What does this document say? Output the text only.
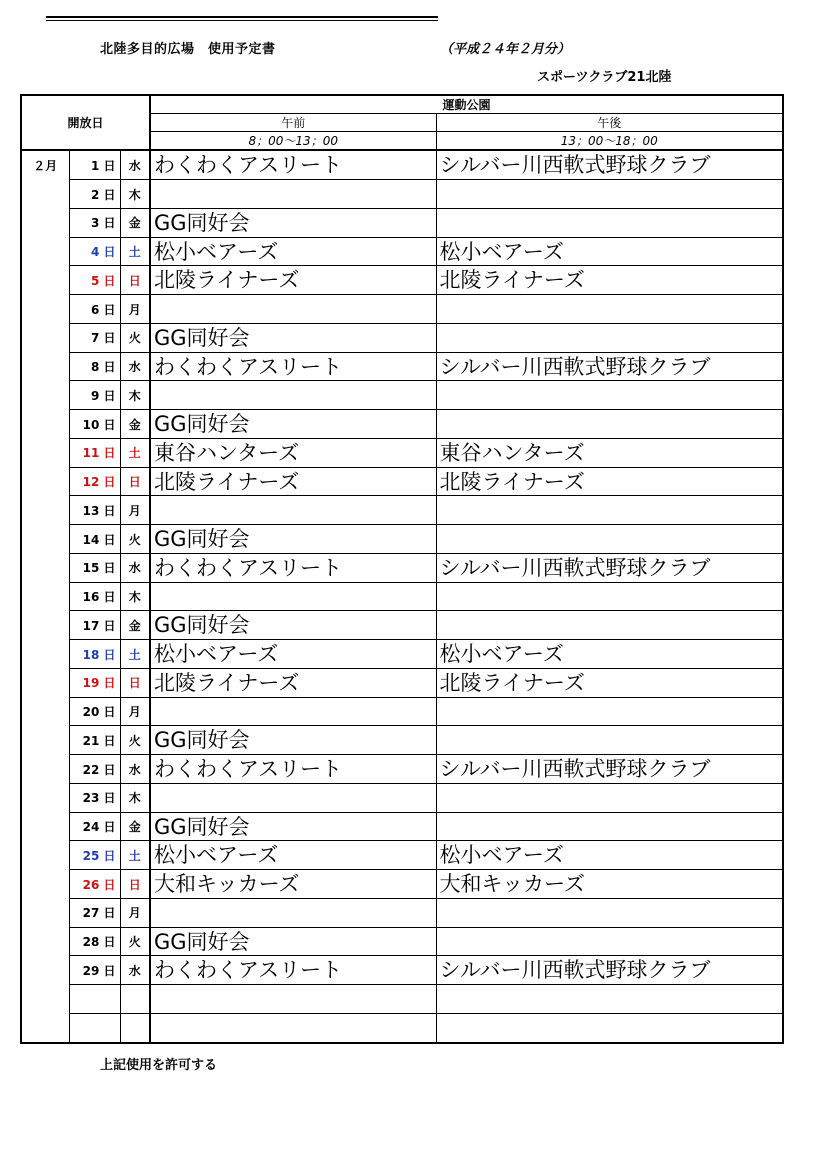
北陸多目的広場　使用予定書	（平成２４年２月分）
スポーツクラブ21北陸
開放日			運動公園	
			午前	午後
			8；00～13；00	13；00～18；00
２月	1 日	水	わくわくアスリート	シルバー川西軟式野球クラブ
	2 日	木		
	3 日	金	GG同好会	
	4 日	土	松小ベアーズ	松小ベアーズ
	5 日	日	北陵ライナーズ	北陵ライナーズ
	6 日	月		
	7 日	火	GG同好会	
	8 日	水	わくわくアスリート	シルバー川西軟式野球クラブ
	9 日	木		
	10 日	金	GG同好会	
	11 日	土	東谷ハンターズ	東谷ハンターズ
	12 日	日	北陵ライナーズ	北陵ライナーズ
	13 日	月		
	14 日	火	GG同好会	
	15 日	水	わくわくアスリート	シルバー川西軟式野球クラブ
	16 日	木		
	17 日	金	GG同好会	
	18 日	土	松小ベアーズ	松小ベアーズ
	19 日	日	北陵ライナーズ	北陵ライナーズ
	20 日	月		
	21 日	火	GG同好会	
	22 日	水	わくわくアスリート	シルバー川西軟式野球クラブ
	23 日	木		
	24 日	金	GG同好会	
	25 日	土	松小ベアーズ	松小ベアーズ
	26 日	日	大和キッカーズ	大和キッカーズ
	27 日	月		
	28 日	火	GG同好会	
	29 日	水	わくわくアスリート	シルバー川西軟式野球クラブ

上記使用を許可する
